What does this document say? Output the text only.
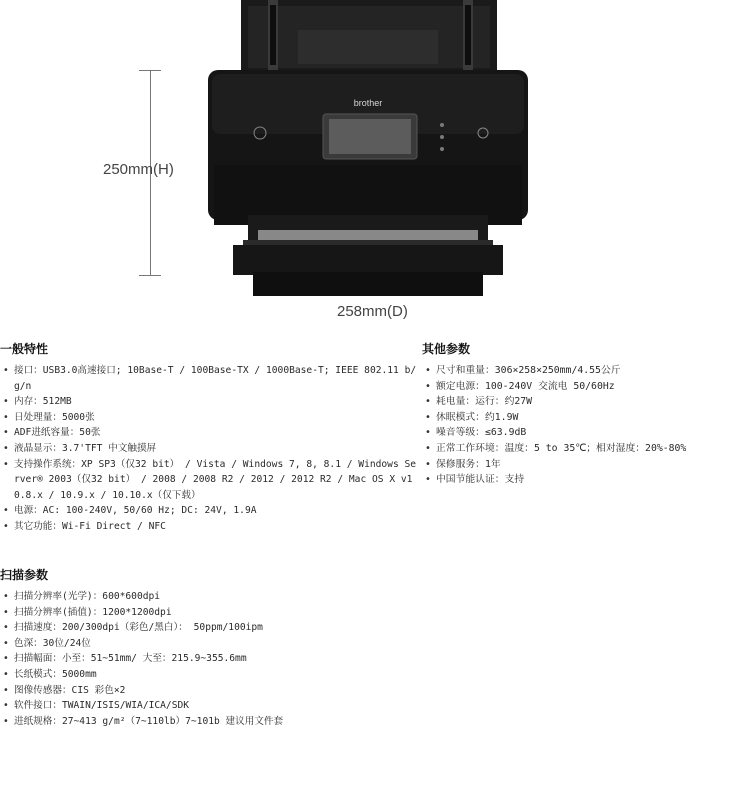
250mm(H)
brother
258mm(D)
一般特性
• 接口：USB3.0高速接口; 10Base-T / 100Base-TX / 1000Base-T; IEEE 802.11 b/g/n
• 内存：512MB
• 日处理量：5000张
• ADF进纸容量：50张
• 液晶显示：3.7'TFT 中文触摸屏
• 支持操作系统：XP SP3（仅32 bit） / Vista / Windows 7, 8, 8.1 / Windows Server® 2003（仅32 bit） / 2008 / 2008 R2 / 2012 / 2012 R2 / Mac OS X v10.8.x / 10.9.x / 10.10.x（仅下载）
• 电源：AC: 100-240V, 50/60 Hz; DC: 24V, 1.9A
• 其它功能：Wi-Fi Direct / NFC
扫描参数
• 扫描分辨率(光学)：600*600dpi
• 扫描分辨率(插值)：1200*1200dpi
• 扫描速度：200/300dpi（彩色/黑白）： 50ppm/100ipm
• 色深：30位/24位
• 扫描幅面：小至：51~51mm/ 大至：215.9~355.6mm
• 长纸模式：5000mm
• 图像传感器：CIS 彩色×2
• 软件接口：TWAIN/ISIS/WIA/ICA/SDK
• 进纸规格：27~413 g/m²（7~110lb）7~101b 建议用文件套
其他参数
• 尺寸和重量：306×258×250mm/4.55公斤
• 额定电源：100-240V 交流电 50/60Hz
• 耗电量：运行：约27W
• 休眠模式：约1.9W
• 噪音等级：≤63.9dB
• 正常工作环境：温度：5 to 35℃；相对湿度：20%-80%
• 保修服务：1年
• 中国节能认证：支持
